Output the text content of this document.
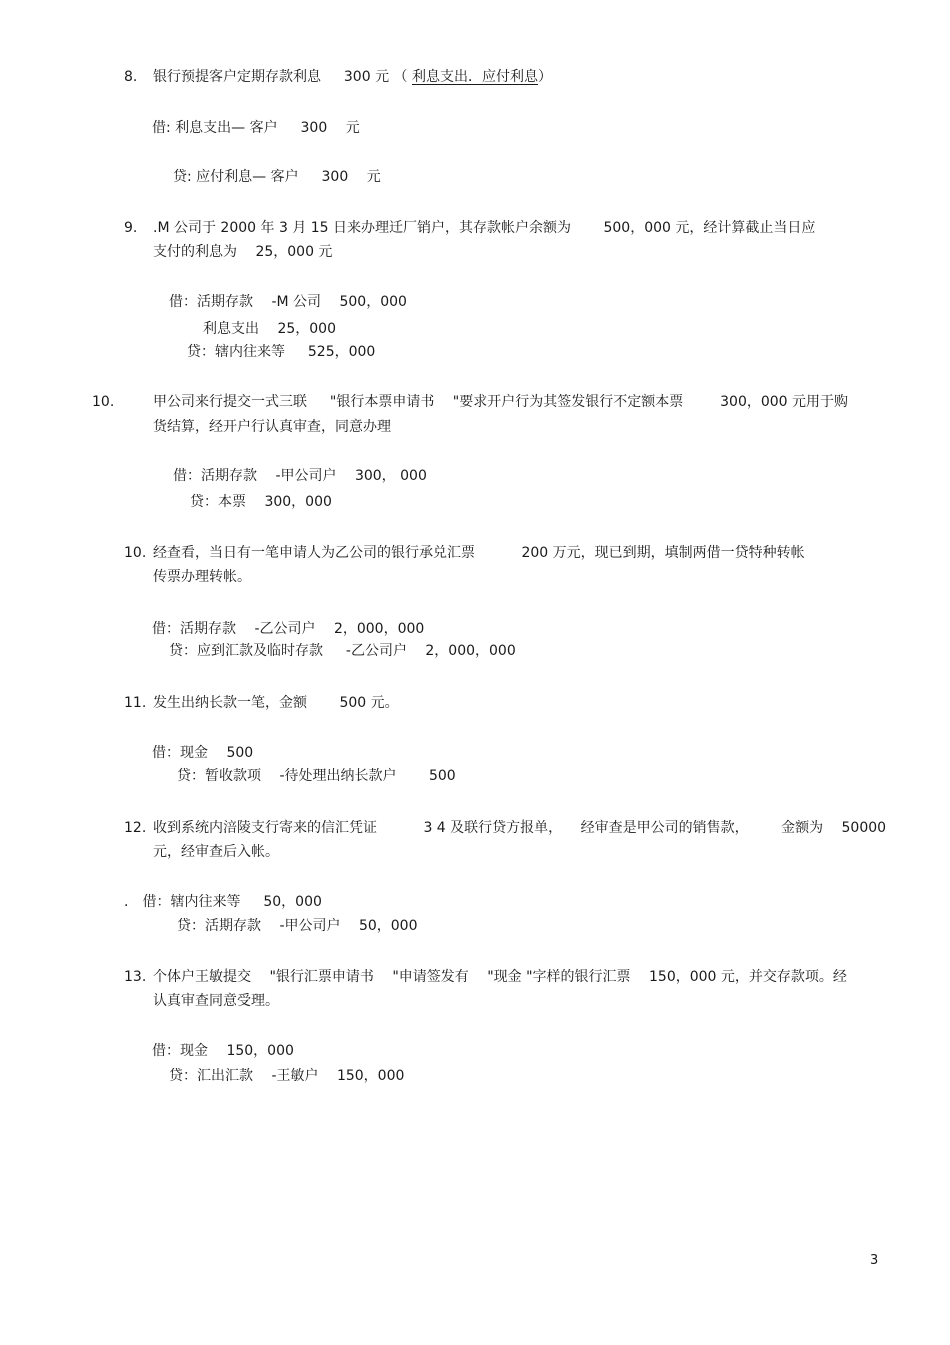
8. 银行预提客户定期存款利息 　 300 元 （ 利息支出．应付利息）
借: 利息支出— 客户 　 300 　元
贷: 应付利息— 客户 　 300 　元
9. .M 公司于 2000 年 3 月 15 日来办理迁厂销户，其存款帐户余额为 　　500，000 元，经计算截止当日应
支付的利息为 　25，000 元
借：活期存款 　-M 公司 　500，000
利息支出 　25，000
贷：辖内往来等 　 525，000
10.	甲公司来行提交一式三联 　 "银行本票申请书 　"要求开户行为其签发银行不定额本票 　　 300，000 元用于购
货结算，经开户行认真审查，同意办理
借：活期存款 　-甲公司户 　300， 000
贷：本票 　300，000
10. 经查看，当日有一笔申请人为乙公司的银行承兑汇票 　　　200 万元，现已到期，填制两借一贷特种转帐
传票办理转帐。
借：活期存款 　-乙公司户 　2，000，000
贷：应到汇款及临时存款 　 -乙公司户 　2，000，000
11. 发生出纳长款一笔，金额 　　500 元。
借：现金 　500
贷：暂收款项 　-待处理出纳长款户 　　500
12. 收到系统内涪陵支行寄来的信汇凭证 　　　3 4 及联行贷方报单， 　经审查是甲公司的销售款， 　　金额为 　50000
元，经审查后入帐。
.　借：辖内往来等 　 50，000
贷：活期存款 　-甲公司户 　50，000
13. 个体户王敏提交 　"银行汇票申请书 　"申请签发有 　"现金 "字样的银行汇票 　150，000 元，并交存款项。经
认真审查同意受理。
借：现金 　150，000
贷：汇出汇款 　-王敏户 　150，000
3
